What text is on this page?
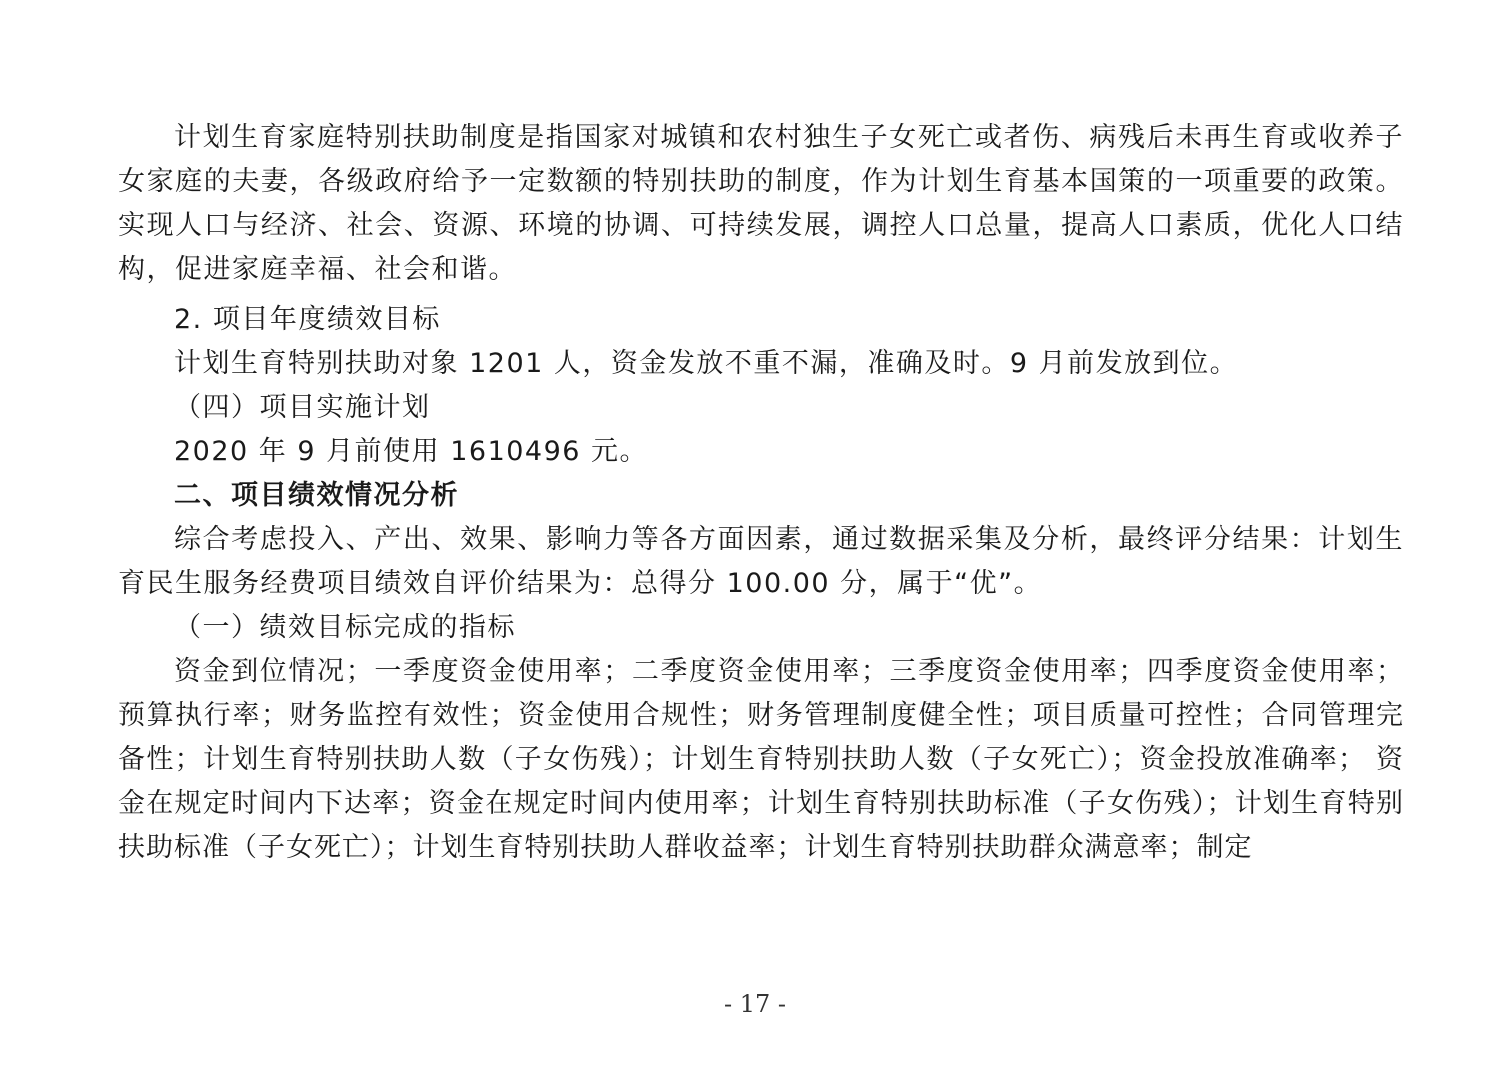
计划生育家庭特别扶助制度是指国家对城镇和农村独生子女死亡或者伤、病残后未再生育或收养子女家庭的夫妻，各级政府给予一定数额的特别扶助的制度，作为计划生育基本国策的一项重要的政策。实现人口与经济、社会、资源、环境的协调、可持续发展，调控人口总量，提高人口素质，优化人口结构，促进家庭幸福、社会和谐。

2. 项目年度绩效目标

计划生育特别扶助对象 1201 人，资金发放不重不漏，准确及时。9 月前发放到位。

（四）项目实施计划

2020 年 9 月前使用 1610496 元。

二、项目绩效情况分析

综合考虑投入、产出、效果、影响力等各方面因素，通过数据采集及分析，最终评分结果：计划生育民生服务经费项目绩效自评价结果为：总得分 100.00 分，属于“优”。

（一）绩效目标完成的指标

资金到位情况；一季度资金使用率；二季度资金使用率；三季度资金使用率；四季度资金使用率；预算执行率；财务监控有效性；资金使用合规性；财务管理制度健全性；项目质量可控性；合同管理完备性；计划生育特别扶助人数（子女伤残）；计划生育特别扶助人数（子女死亡）；资金投放准确率； 资金在规定时间内下达率；资金在规定时间内使用率；计划生育特别扶助标准（子女伤残）；计划生育特别扶助标准（子女死亡）；计划生育特别扶助人群收益率；计划生育特别扶助群众满意率；制定

- 17 -
